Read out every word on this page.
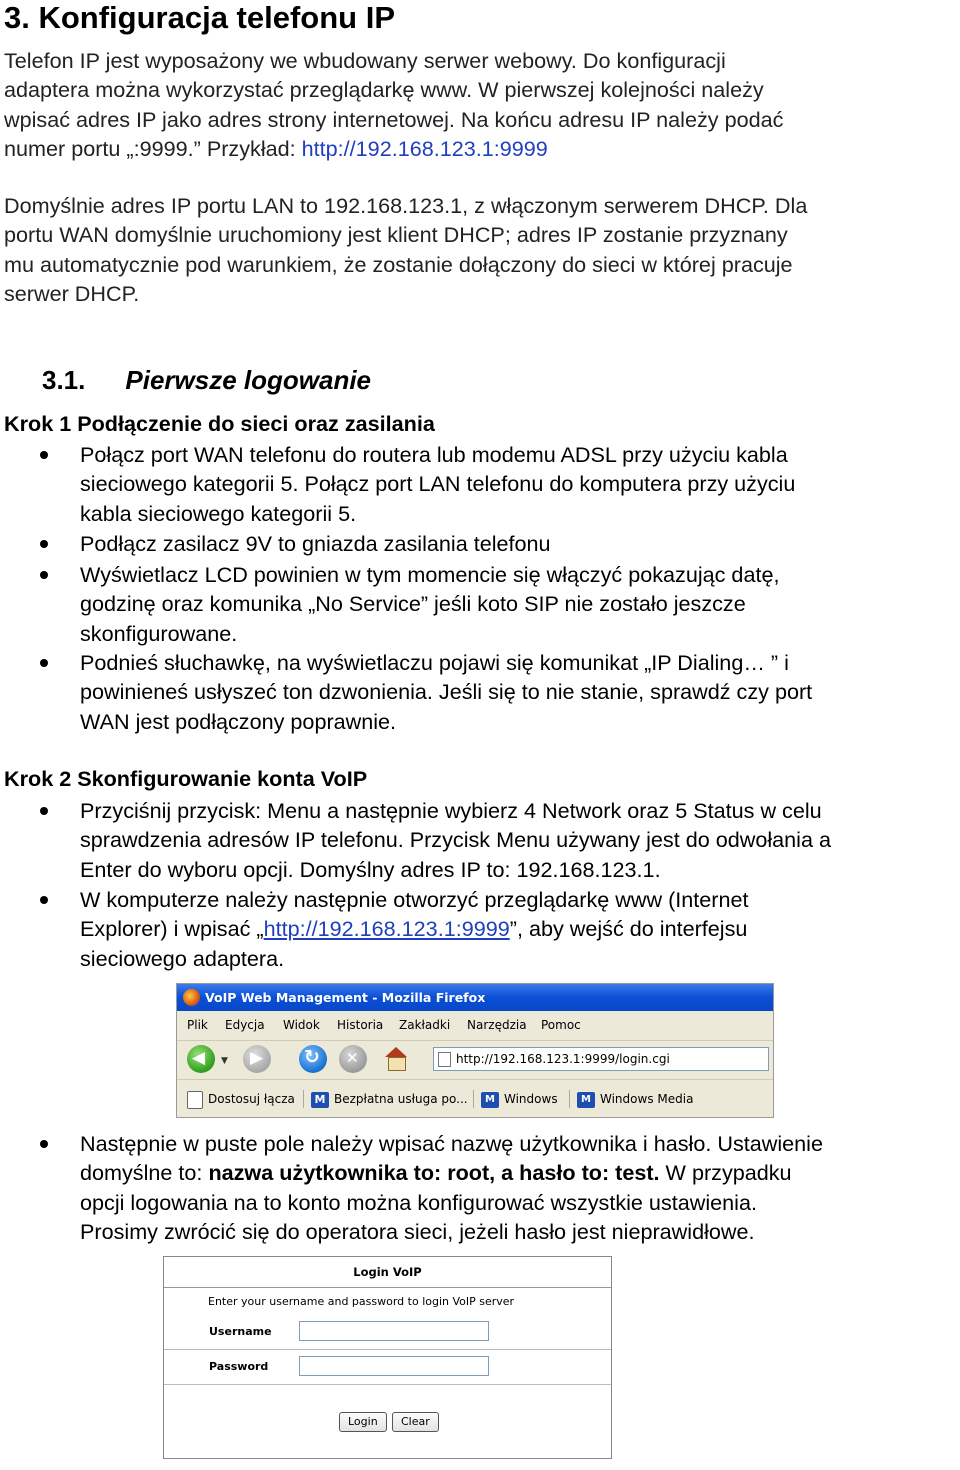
3. Konfiguracja telefonu IP
Telefon IP jest wyposażony we wbudowany serwer webowy. Do konfiguracji
adaptera można wykorzystać przeglądarkę www. W pierwszej kolejności należy
wpisać adres IP jako adres strony internetowej. Na końcu adresu IP należy podać
numer portu „:9999.” Przykład: http://192.168.123.1:9999
Domyślnie adres IP portu LAN to 192.168.123.1, z włączonym serwerem DHCP. Dla
portu WAN domyślnie uruchomiony jest klient DHCP; adres IP zostanie przyznany
mu automatycznie pod warunkiem, że zostanie dołączony do sieci w której pracuje
serwer DHCP.
3.1. Pierwsze logowanie
Krok 1 Podłączenie do sieci oraz zasilania
Połącz port WAN telefonu do routera lub modemu ADSL przy użyciu kabla
sieciowego kategorii 5. Połącz port LAN telefonu do komputera przy użyciu
kabla sieciowego kategorii 5.
Podłącz zasilacz 9V to gniazda zasilania telefonu
Wyświetlacz LCD powinien w tym momencie się włączyć pokazując datę,
godzinę oraz komunika „No Service” jeśli koto SIP nie zostało jeszcze
skonfigurowane.
Podnieś słuchawkę, na wyświetlaczu pojawi się komunikat „IP Dialing… ” i
powinieneś usłyszeć ton dzwonienia. Jeśli się to nie stanie, sprawdź czy port
WAN jest podłączony poprawnie.
Krok 2 Skonfigurowanie konta VoIP
Przyciśnij przycisk: Menu a następnie wybierz 4 Network oraz 5 Status w celu
sprawdzenia adresów IP telefonu. Przycisk Menu używany jest do odwołania a
Enter do wyboru opcji. Domyślny adres IP to: 192.168.123.1.
W komputerze należy następnie otworzyć przeglądarkę www (Internet
Explorer) i wpisać „http://192.168.123.1:9999”, aby wejść do interfejsu
sieciowego adaptera.
VoIP Web Management - Mozilla Firefox
Plik Edycja Widok Historia Zakładki Narzędzia Pomoc
◀
▼ ▶ ↻ ✕	http://192.168.123.1:9999/login.cgi
Dostosuj łącza	M Bezpłatna usługa po...	M Windows	M Windows Media
Następnie w puste pole należy wpisać nazwę użytkownika i hasło. Ustawienie
domyślne to: nazwa użytkownika to: root, a hasło to: test. W przypadku
opcji logowania na to konto można konfigurować wszystkie ustawienia.
Prosimy zwrócić się do operatora sieci, jeżeli hasło jest nieprawidłowe.
Login VoIP
Enter your username and password to login VoIP server
Username
Password
Login	Clear
